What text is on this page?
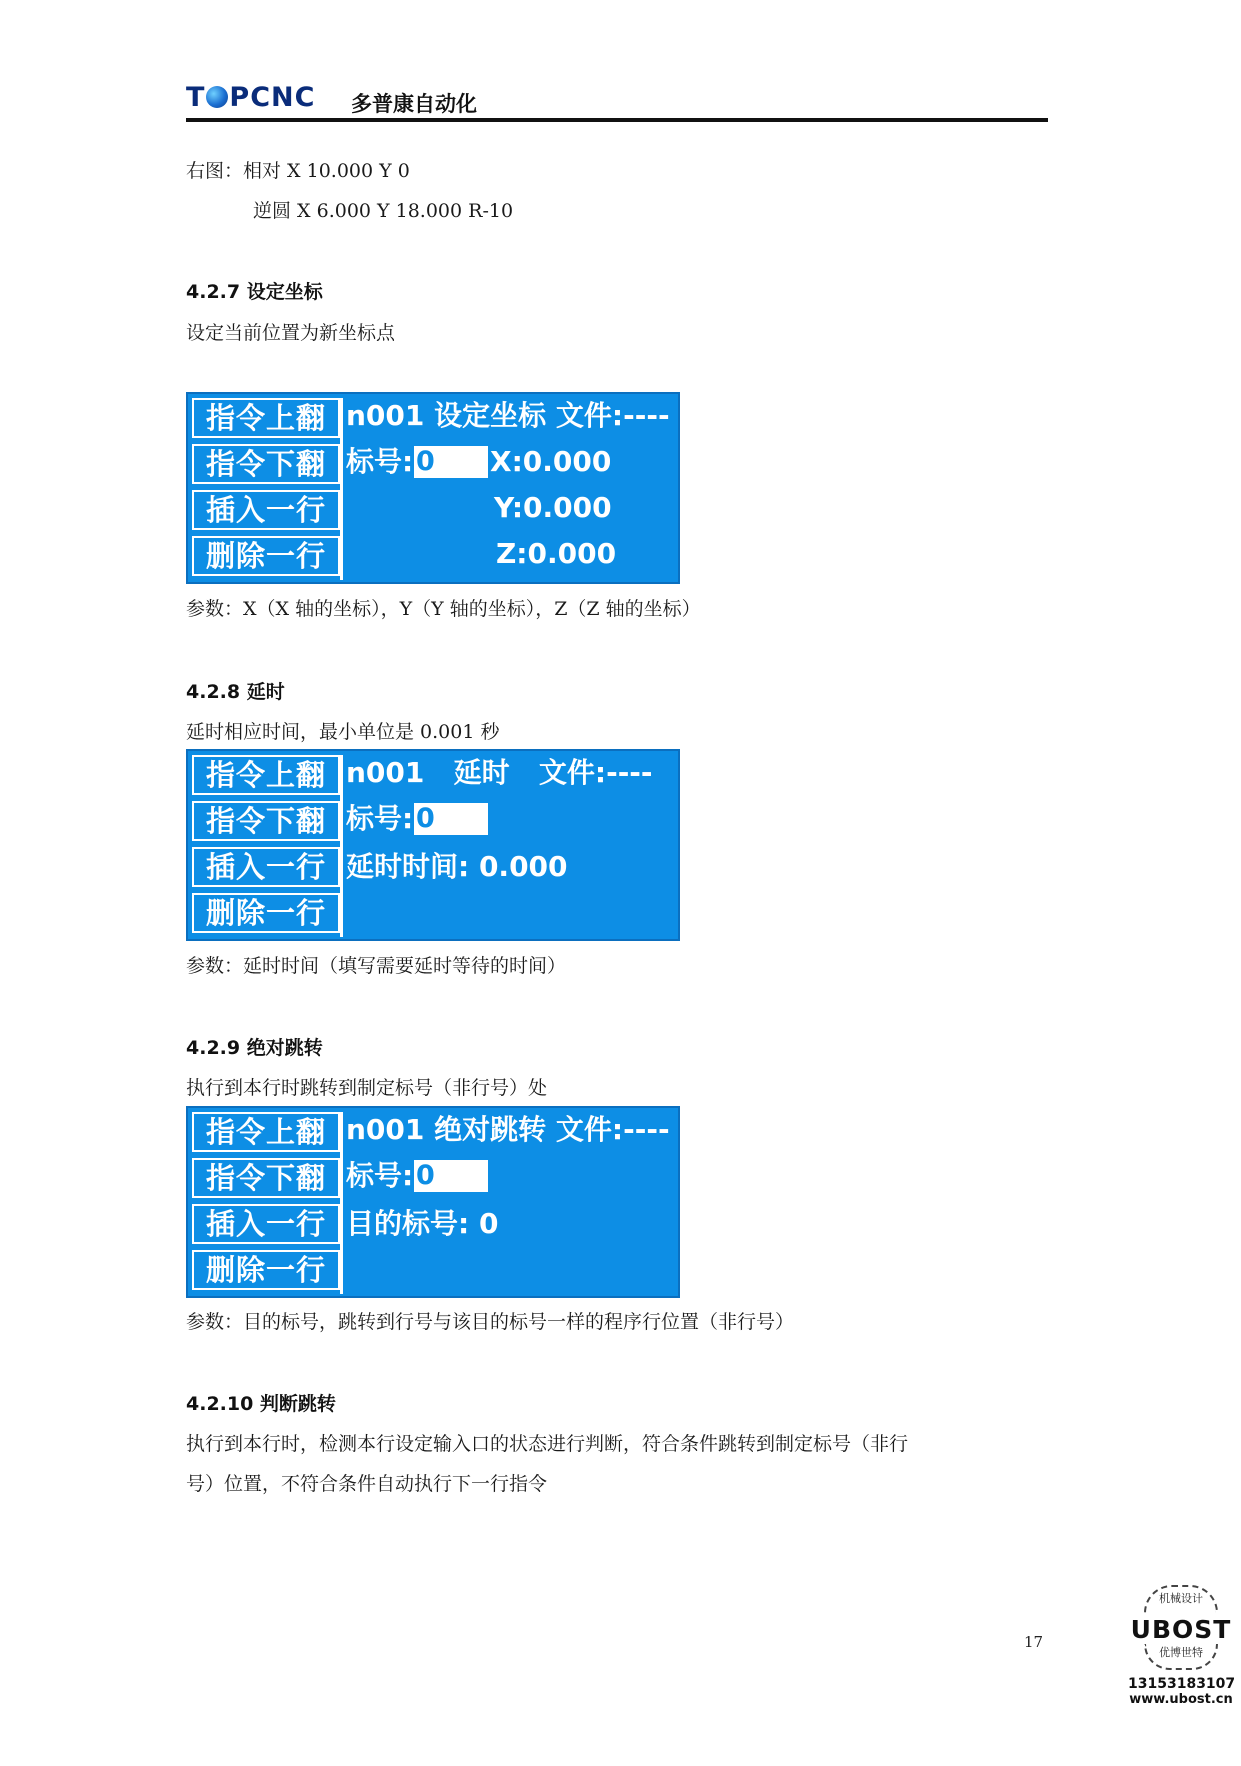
T PCNC 多普康自动化
右图：相对 X 10.000 Y 0
逆圆 X 6.000 Y 18.000 R-10
4.2.7 设定坐标
设定当前位置为新坐标点
指令上翻
指令下翻
插入一行
删除一行
n001 设定坐标 文件:----
标号: 0	X:0.000
Y:0.000
Z:0.000
参数：X（X 轴的坐标），Y（Y 轴的坐标），Z（Z 轴的坐标）
4.2.8 延时
延时相应时间，最小单位是 0.001 秒
指令上翻
指令下翻
插入一行
删除一行
n001   延时   文件:----
标号: 0
延时时间: 0.000
参数：延时时间（填写需要延时等待的时间）
4.2.9 绝对跳转
执行到本行时跳转到制定标号（非行号）处
指令上翻
指令下翻
插入一行
删除一行
n001 绝对跳转 文件:----
标号: 0
目的标号: 0
参数：目的标号，跳转到行号与该目的标号一样的程序行位置（非行号）
4.2.10 判断跳转
执行到本行时，检测本行设定输入口的状态进行判断，符合条件跳转到制定标号（非行
号）位置，不符合条件自动执行下一行指令
17
机械设计
UBOST
优博世特
13153183107
www.ubost.cn
